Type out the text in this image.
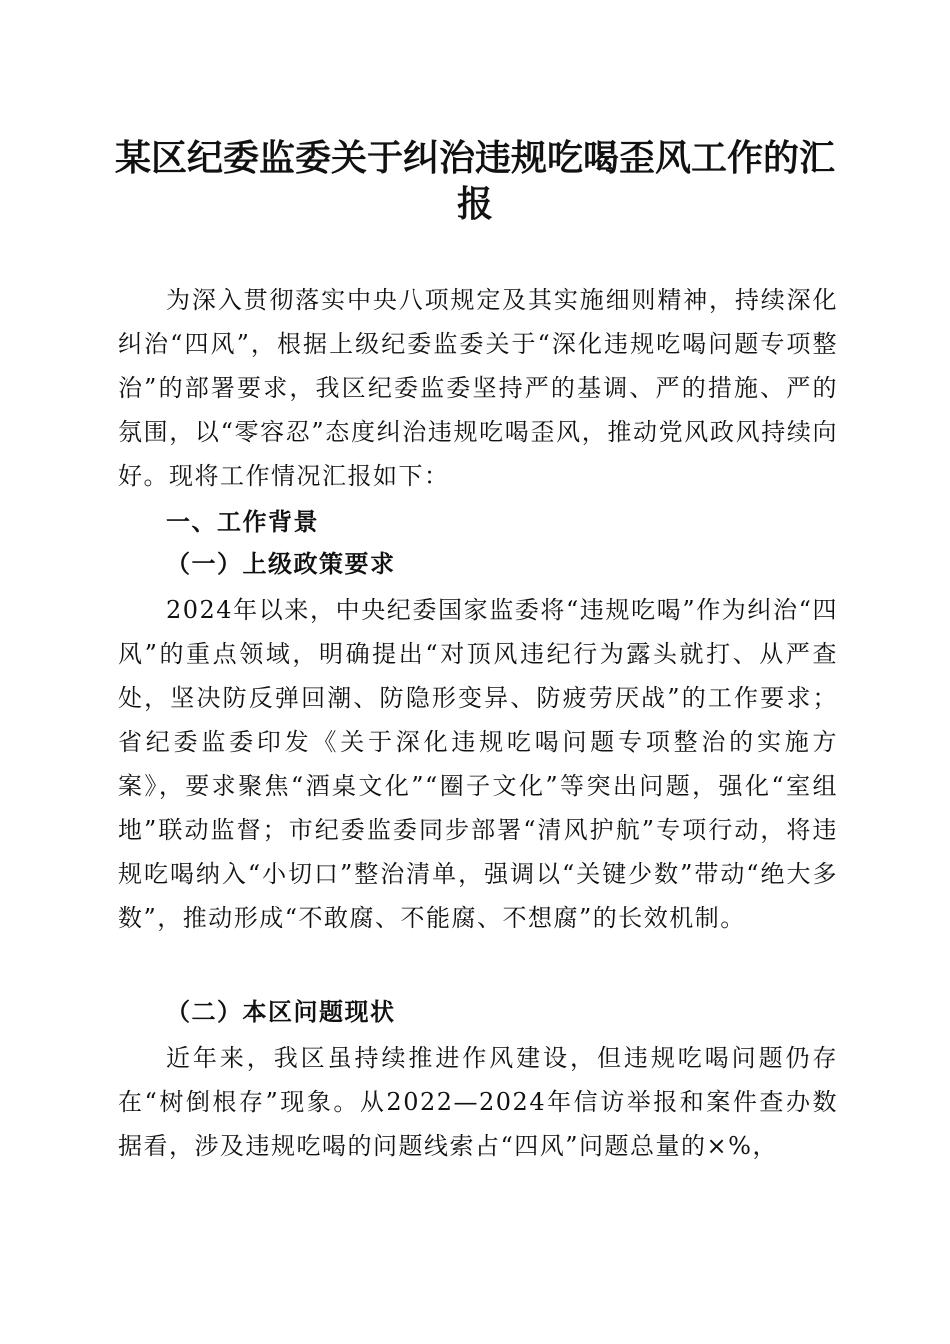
某区纪委监委关于纠治违规吃喝歪风工作的汇
报

为深入贯彻落实中央八项规定及其实施细则精神，持续深化纠治“四风”，根据上级纪委监委关于“深化违规吃喝问题专项整治”的部署要求，我区纪委监委坚持严的基调、严的措施、严的氛围，以“零容忍”态度纠治违规吃喝歪风，推动党风政风持续向好。现将工作情况汇报如下：

一、工作背景
（一）上级政策要求

2024年以来，中央纪委国家监委将“违规吃喝”作为纠治“四风”的重点领域，明确提出“对顶风违纪行为露头就打、从严查处，坚决防反弹回潮、防隐形变异、防疲劳厌战”的工作要求；省纪委监委印发《关于深化违规吃喝问题专项整治的实施方案》，要求聚焦“酒桌文化”“圈子文化”等突出问题，强化“室组地”联动监督；市纪委监委同步部署“清风护航”专项行动，将违规吃喝纳入“小切口”整治清单，强调以“关键少数”带动“绝大多数”，推动形成“不敢腐、不能腐、不想腐”的长效机制。

（二）本区问题现状

近年来，我区虽持续推进作风建设，但违规吃喝问题仍存在“树倒根存”现象。从2022—2024年信访举报和案件查办数据看，涉及违规吃喝的问题线索占“四风”问题总量的×%，
